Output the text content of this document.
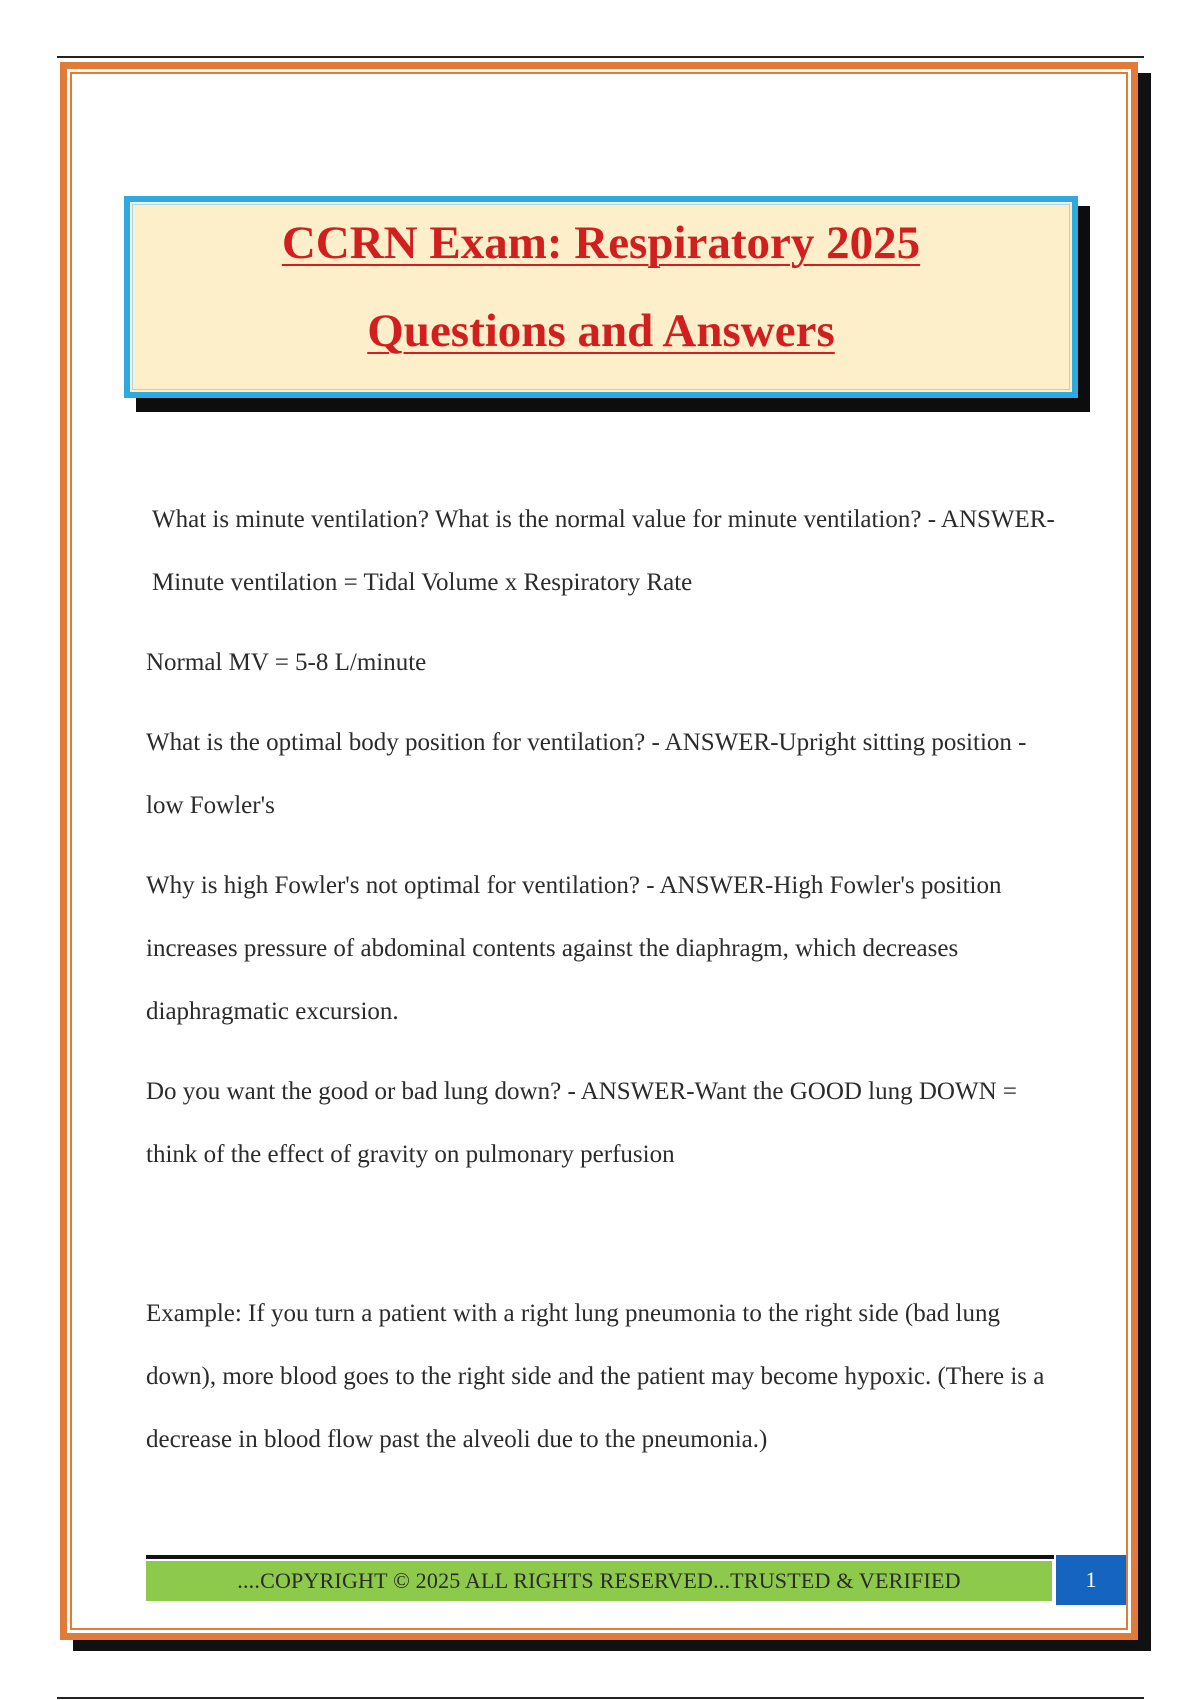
CCRN Exam: Respiratory 2025
Questions and Answers

What is minute ventilation? What is the normal value for minute ventilation? - ANSWER-Minute ventilation = Tidal Volume x Respiratory Rate

Normal MV = 5-8 L/minute

What is the optimal body position for ventilation? - ANSWER-Upright sitting position - low Fowler's

Why is high Fowler's not optimal for ventilation? - ANSWER-High Fowler's position increases pressure of abdominal contents against the diaphragm, which decreases diaphragmatic excursion.

Do you want the good or bad lung down? - ANSWER-Want the GOOD lung DOWN = think of the effect of gravity on pulmonary perfusion

Example: If you turn a patient with a right lung pneumonia to the right side (bad lung down), more blood goes to the right side and the patient may become hypoxic. (There is a decrease in blood flow past the alveoli due to the pneumonia.)

....COPYRIGHT © 2025 ALL RIGHTS RESERVED...TRUSTED & VERIFIED	1
